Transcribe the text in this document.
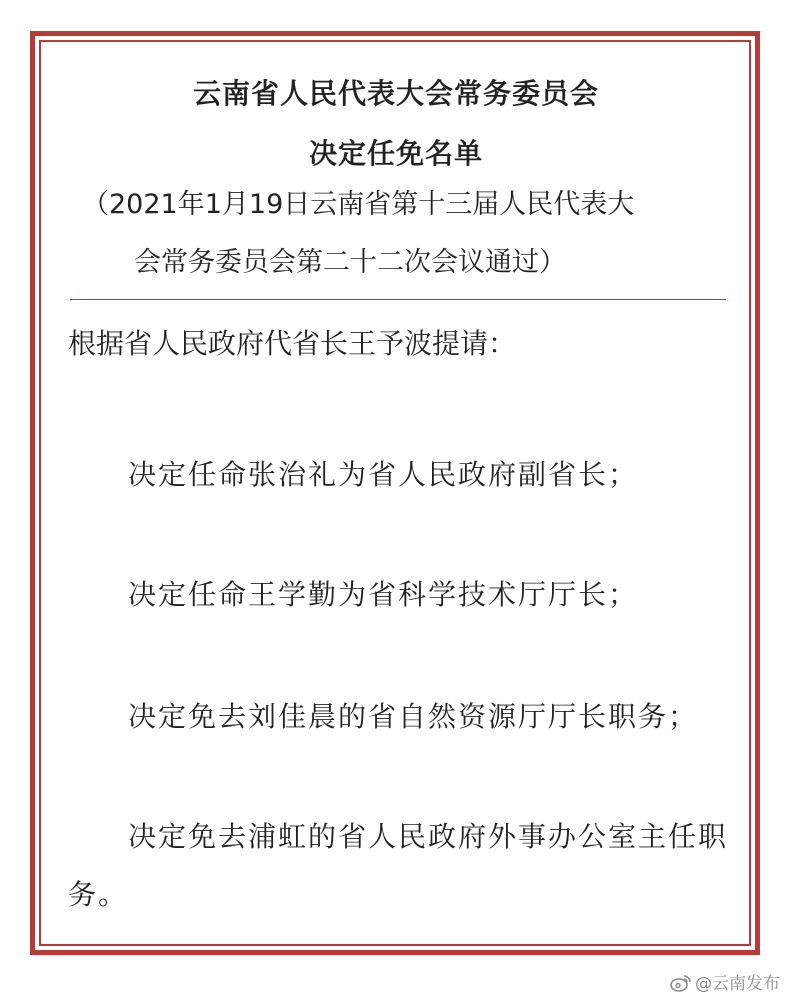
云南省人民代表大会常务委员会
决定任免名单
（2021年1月19日云南省第十三届人民代表大
会常务委员会第二十二次会议通过）
根据省人民政府代省长王予波提请：
决定任命张治礼为省人民政府副省长；
决定任命王学勤为省科学技术厅厅长；
决定免去刘佳晨的省自然资源厅厅长职务；
决定免去浦虹的省人民政府外事办公室主任职务。
@云南发布
